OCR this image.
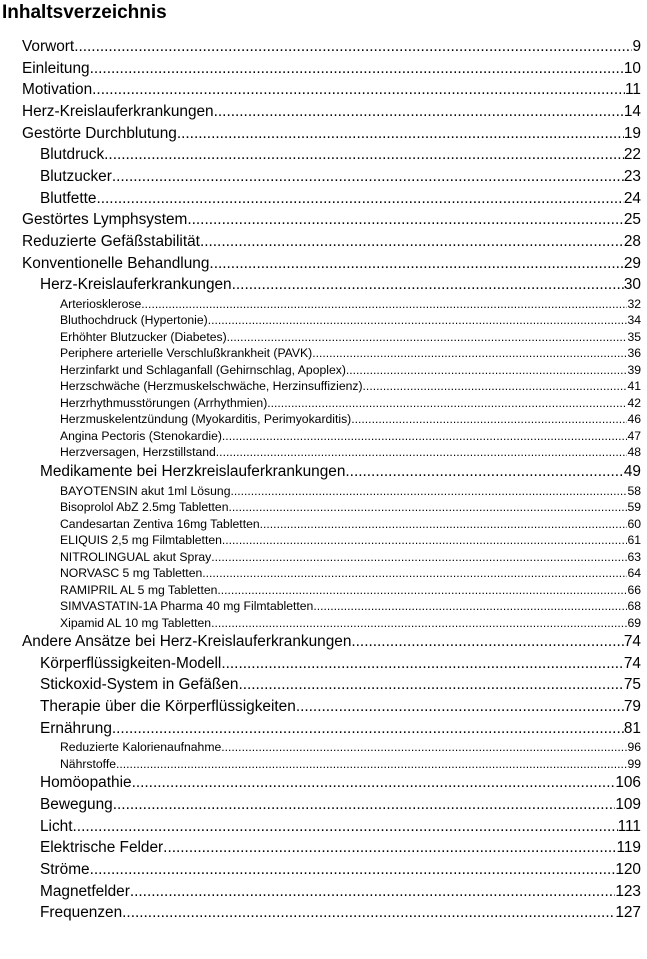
Inhaltsverzeichnis
Vorwort .....	9
Einleitung .....	10
Motivation .....	11
Herz-Kreislauferkrankungen .....	14
Gestörte Durchblutung .....	19
Blutdruck .....	22
Blutzucker .....	23
Blutfette .....	24
Gestörtes Lymphsystem .....	25
Reduzierte Gefäßstabilität .....	28
Konventionelle Behandlung .....	29
Herz-Kreislauferkrankungen .....	30
Arteriosklerose .....	32
Bluthochdruck (Hypertonie) .....	34
Erhöhter Blutzucker (Diabetes) .....	35
Periphere arterielle Verschlußkrankheit (PAVK) .....	36
Herzinfarkt und Schlaganfall (Gehirnschlag, Apoplex) .....	39
Herzschwäche (Herzmuskelschwäche, Herzinsuffizienz) .....	41
Herzrhythmusstörungen (Arrhythmien) .....	42
Herzmuskelentzündung (Myokarditis, Perimyokarditis) .....	46
Angina Pectoris (Stenokardie) .....	47
Herzversagen, Herzstillstand .....	48
Medikamente bei Herzkreislauferkrankungen .....	49
BAYOTENSIN akut 1ml Lösung .....	58
Bisoprolol AbZ 2.5mg Tabletten .....	59
Candesartan Zentiva 16mg Tabletten .....	60
ELIQUIS 2,5 mg Filmtabletten .....	61
NITROLINGUAL akut Spray .....	63
NORVASC 5 mg Tabletten .....	64
RAMIPRIL AL 5 mg Tabletten .....	66
SIMVASTATIN-1A Pharma 40 mg Filmtabletten .....	68
Xipamid AL 10 mg Tabletten .....	69
Andere Ansätze bei Herz-Kreislauferkrankungen .....	74
Körperflüssigkeiten-Modell .....	74
Stickoxid-System in Gefäßen .....	75
Therapie über die Körperflüssigkeiten .....	79
Ernährung .....	81
Reduzierte Kalorienaufnahme .....	96
Nährstoffe .....	99
Homöopathie .....	106
Bewegung .....	109
Licht .....	111
Elektrische Felder .....	119
Ströme .....	120
Magnetfelder .....	123
Frequenzen .....	127
